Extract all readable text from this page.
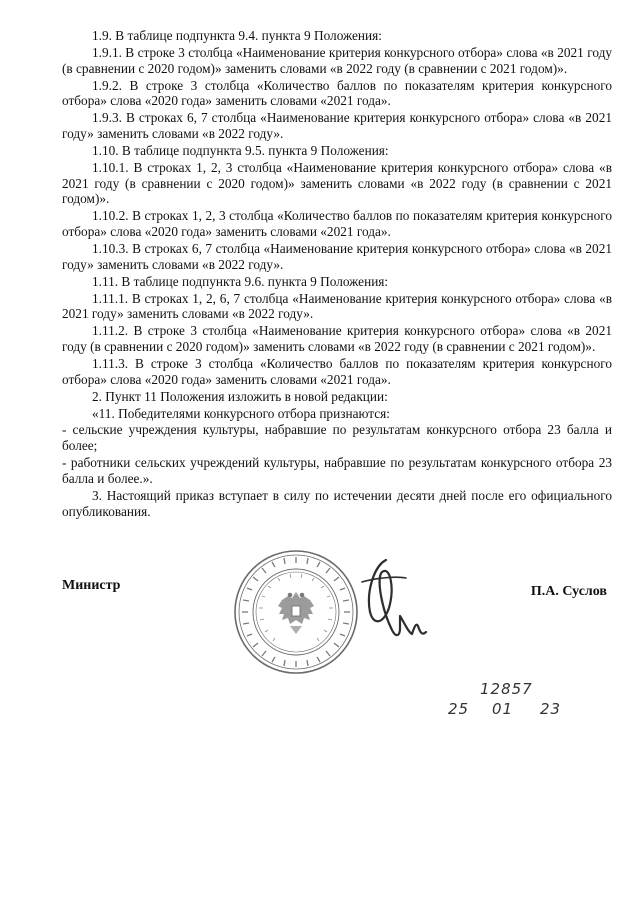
1.9. В таблице подпункта 9.4. пункта 9 Положения:

1.9.1. В строке 3 столбца «Наименование критерия конкурсного отбора» слова «в 2021 году (в сравнении с 2020 годом)» заменить словами «в 2022 году (в сравнении с 2021 годом)».

1.9.2. В строке 3 столбца «Количество баллов по показателям критерия конкурсного отбора» слова «2020 года» заменить словами «2021 года».

1.9.3. В строках 6, 7 столбца «Наименование критерия конкурсного отбора» слова «в 2021 году» заменить словами «в 2022 году».

1.10. В таблице подпункта 9.5. пункта 9 Положения:

1.10.1. В строках 1, 2, 3 столбца «Наименование критерия конкурсного отбора» слова «в 2021 году (в сравнении с 2020 годом)» заменить словами «в 2022 году (в сравнении с 2021 годом)».

1.10.2. В строках 1, 2, 3 столбца «Количество баллов по показателям критерия конкурсного отбора» слова «2020 года» заменить словами «2021 года».

1.10.3. В строках 6, 7 столбца «Наименование критерия конкурсного отбора» слова «в 2021 году» заменить словами «в 2022 году».

1.11. В таблице подпункта 9.6. пункта 9 Положения:

1.11.1. В строках 1, 2, 6, 7 столбца «Наименование критерия конкурсного отбора» слова «в 2021 году» заменить словами «в 2022 году».

1.11.2. В строке 3 столбца «Наименование критерия конкурсного отбора» слова «в 2021 году (в сравнении с 2020 годом)» заменить словами «в 2022 году (в сравнении с 2021 годом)».

1.11.3. В строке 3 столбца «Количество баллов по показателям критерия конкурсного отбора» слова «2020 года» заменить словами «2021 года».

2. Пункт 11 Положения изложить в новой редакции:

«11. Победителями конкурсного отбора признаются:

- сельские учреждения культуры, набравшие по результатам конкурсного отбора 23 балла и более;

- работники сельских учреждений культуры, набравшие по результатам конкурсного отбора 23 балла и более.».

3. Настоящий приказ вступает в силу по истечении десяти дней после его официального опубликования.

Министр	П.А. Суслов
12857
25 01 23
